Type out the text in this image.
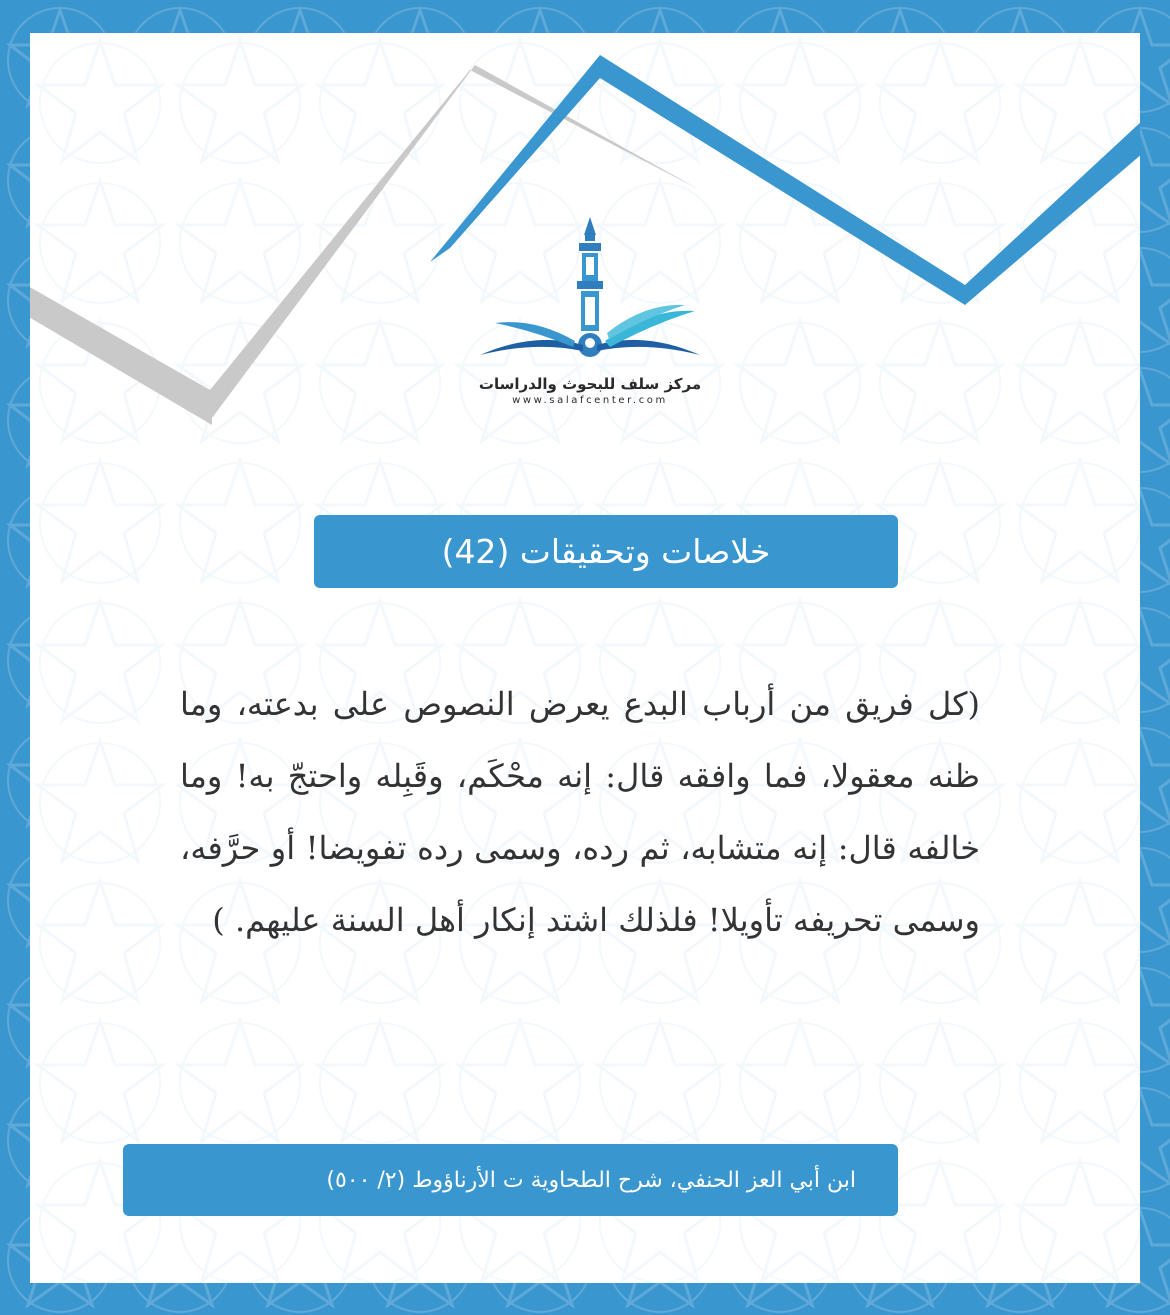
مركز سلف للبحوث والدراسات
www.salafcenter.com
خلاصات وتحقيقات (42)
(كل فريق من أرباب البدع يعرض النصوص على بدعته، وما ظنه معقولا، فما وافقه قال: إنه محْكَم، وقَبِله واحتجّ به! وما خالفه قال: إنه متشابه، ثم رده، وسمى رده تفويضا! أو حرَّفه، وسمى تحريفه تأويلا! فلذلك اشتد إنكار أهل السنة عليهم. )
ابن أبي العز الحنفي، شرح الطحاوية ت الأرناؤوط (٢/ ٥٠٠)
